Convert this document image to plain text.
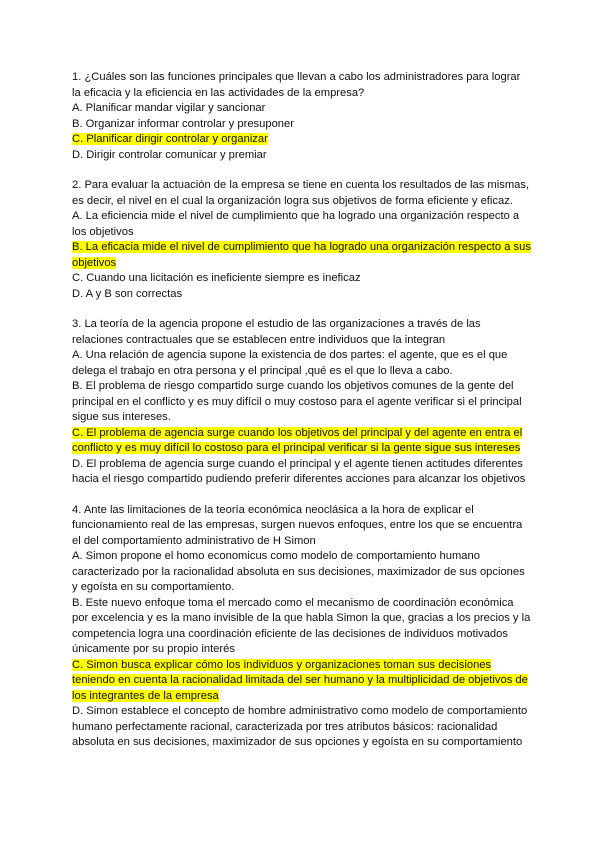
1. ¿Cuáles son las funciones principales que llevan a cabo los administradores para lograr la eficacia y la eficiencia en las actividades de la empresa?

A. Planificar mandar vigilar y sancionar

B. Organizar informar controlar y presuponer

C. Planificar dirigir controlar y organizar

D. Dirigir controlar comunicar y premiar

2. Para evaluar la actuación de la empresa se tiene en cuenta los resultados de las mismas, es decir, el nivel en el cual la organización logra sus objetivos de forma eficiente y eficaz.

A. La eficiencia mide el nivel de cumplimiento que ha logrado una organización respecto a los objetivos

B. La eficacia mide el nivel de cumplimiento que ha logrado una organización respecto a sus objetivos

C. Cuando una licitación es ineficiente siempre es ineficaz

D. A y B son correctas

3. La teoría de la agencia propone el estudio de las organizaciones a través de las relaciones contractuales que se establecen entre individuos que la integran

A. Una relación de agencia supone la existencia de dos partes: el agente, que es el que delega el trabajo en otra persona y el principal ,qué es el que lo lleva a cabo.

B. El problema de riesgo compartido surge cuando los objetivos comunes de la gente del principal en el conflicto y es muy difícil o muy costoso para el agente verificar si el principal sigue sus intereses.

C. El problema de agencia surge cuando los objetivos del principal y del agente en entra el conflicto y es muy difícil lo costoso para el principal verificar si la gente sigue sus intereses

D. El problema de agencia surge cuando el principal y el agente tienen actitudes diferentes hacia el riesgo compartido pudiendo preferir diferentes acciones para alcanzar los objetivos

4. Ante las limitaciones de la teoría económica neoclásica a la hora de explicar el funcionamiento real de las empresas, surgen nuevos enfoques, entre los que se encuentra el del comportamiento administrativo de H Simon

A. Simon propone el homo economicus como modelo de comportamiento humano caracterizado por la racionalidad absoluta en sus decisiones, maximizador de sus opciones y egoísta en su comportamiento.

B. Este nuevo enfoque toma el mercado como el mecanismo de coordinación económica por excelencia y es la mano invisible de la que habla Simon la que, gracias a los precios y la competencia logra una coordinación eficiente de las decisiones de individuos motivados únicamente por su propio interés

C. Simon busca explicar cómo los individuos y organizaciones toman sus decisiones teniendo en cuenta la racionalidad limitada del ser humano y la multiplicidad de objetivos de los integrantes de la empresa

D. Simon establece el concepto de hombre administrativo como modelo de comportamiento humano perfectamente racional, caracterizada por tres atributos básicos: racionalidad absoluta en sus decisiones, maximizador de sus opciones y egoísta en su comportamiento
